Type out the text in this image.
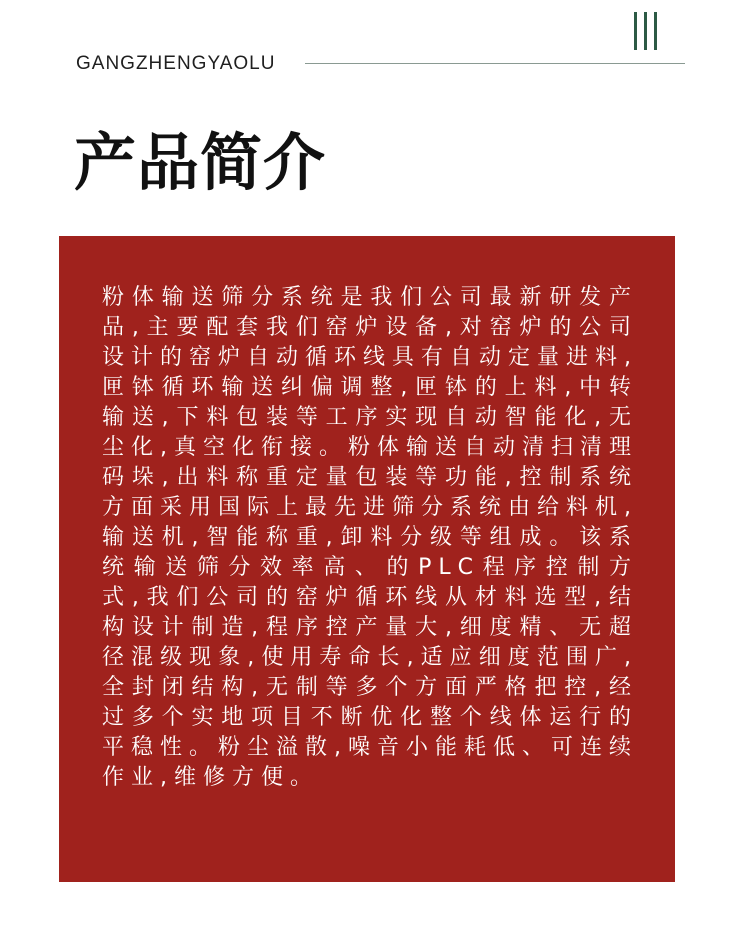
GANGZHENGYAOLU
产品简介

粉体输送筛分系统是我们公司最新研发产品,主要配套我们窑炉设备,对窑炉的公司设计的窑炉自动循环线具有自动定量进料,匣钵循环输送纠偏调整,匣钵的上料,中转输送,下料包装等工序实现自动智能化,无尘化,真空化衔接。粉体输送自动清扫清理码垛,出料称重定量包装等功能,控制系统方面采用国际上最先进筛分系统由给料机,输送机,智能称重,卸料分级等组成。该系统输送筛分效率高、的PLC程序控制方式,我们公司的窑炉循环线从材料选型,结构设计制造,程序控产量大,细度精、无超径混级现象,使用寿命长,适应细度范围广,全封闭结构,无制等多个方面严格把控,经过多个实地项目不断优化整个线体运行的平稳性。粉尘溢散,噪音小能耗低、可连续作业,维修方便。
